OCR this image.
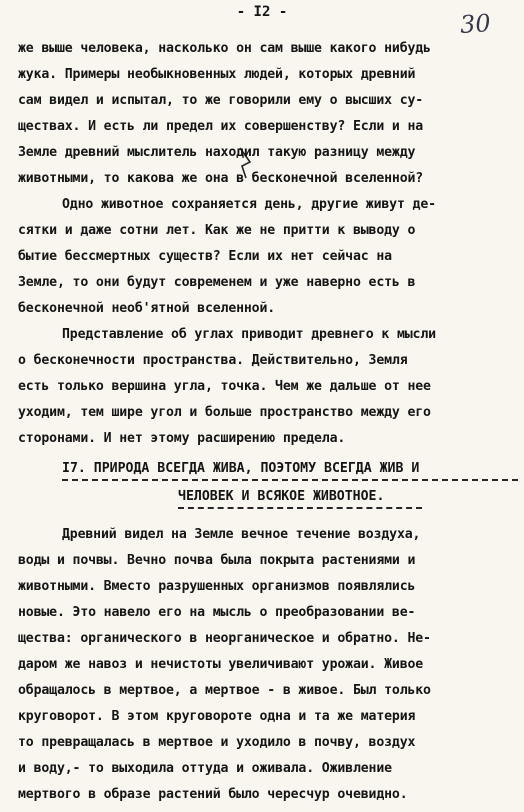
- I2 -	30
же выше человека, насколько он сам выше какого нибудь
жука. Примеры необыкновенных людей, которых древний
сам видел и испытал, то же говорили ему о высших су-
ществах. И есть ли предел их совершенству? Если и на
Земле древний мыслитель находил такую разницу между
животными, то какова же она в бесконечной вселенной?
Одно животное сохраняется день, другие живут де-
сятки и даже сотни лет. Как же не притти к выводу о
бытие бессмертных существ? Если их нет сейчас на
Земле, то они будут современем и уже наверно есть в
бесконечной необ'ятной вселенной.
Представление об углах приводит древнего к мысли
о бесконечности пространства. Действительно, Земля
есть только вершина угла, точка. Чем же дальше от нее
уходим, тем шире угол и больше пространство между его
сторонами. И нет этому расширению предела.
I7. ПРИРОДА ВСЕГДА ЖИВА, ПОЭТОМУ ВСЕГДА ЖИВ И
ЧЕЛОВЕК И ВСЯКОЕ ЖИВОТНОЕ.
Древний видел на Земле вечное течение воздуха,
воды и почвы. Вечно почва была покрыта растениями и
животными. Вместо разрушенных организмов появлялись
новые. Это навело его на мысль о преобразовании ве-
щества: органического в неорганическое и обратно. Не-
даром же навоз и нечистоты увеличивают урожаи. Живое
обращалось в мертвое, а мертвое - в живое. Был только
круговорот. В этом круговороте одна и та же материя
то превращалась в мертвое и уходило в почву, воздух
и воду,- то выходила оттуда и оживала. Оживление
мертвого в образе растений было чересчур очевидно.
